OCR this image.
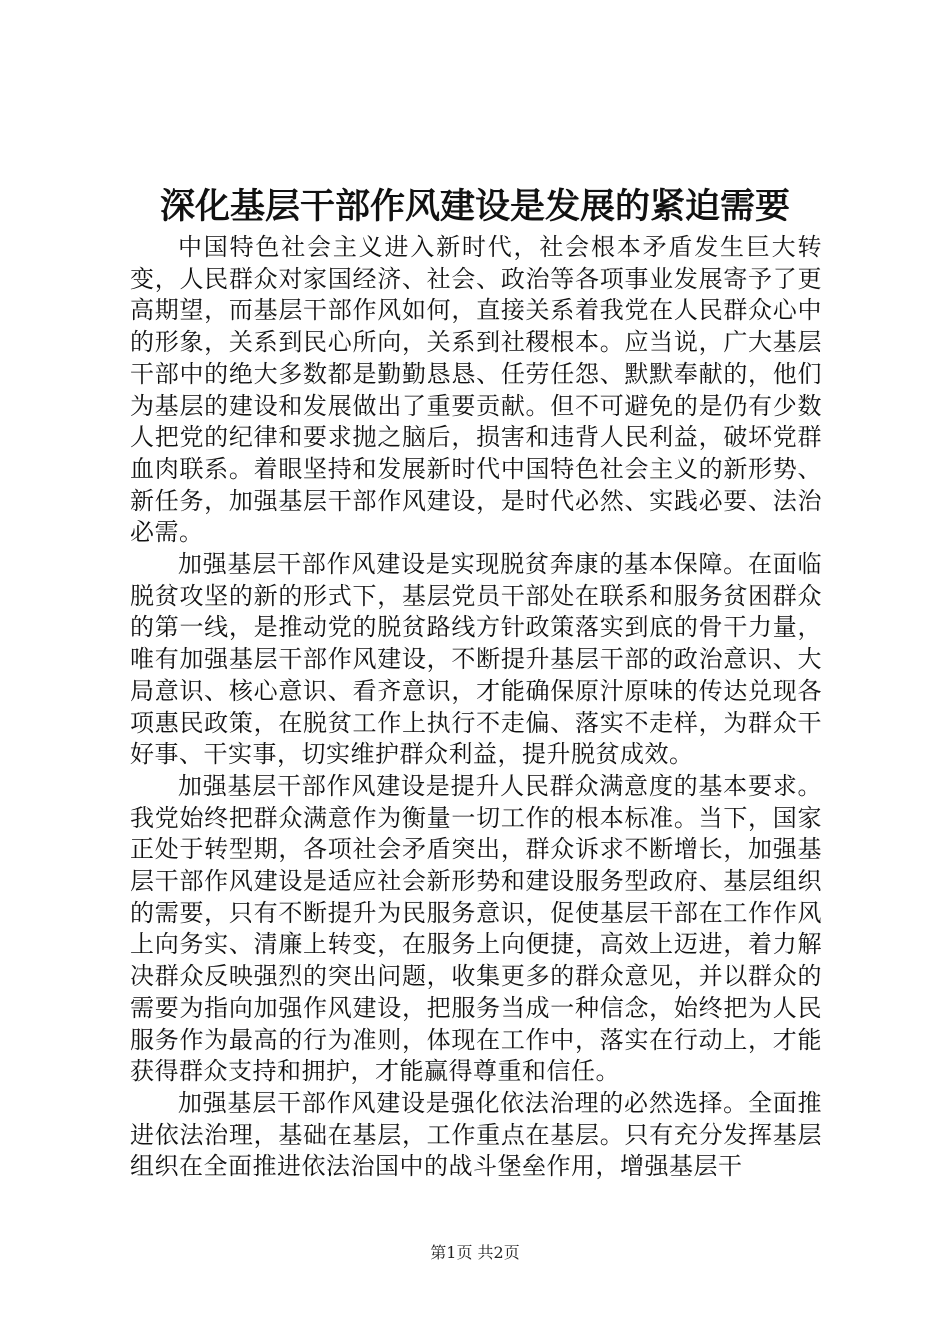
深化基层干部作风建设是发展的紧迫需要

中国特色社会主义进入新时代，社会根本矛盾发生巨大转变，人民群众对家国经济、社会、政治等各项事业发展寄予了更高期望，而基层干部作风如何，直接关系着我党在人民群众心中的形象，关系到民心所向，关系到社稷根本。应当说，广大基层干部中的绝大多数都是勤勤恳恳、任劳任怨、默默奉献的，他们为基层的建设和发展做出了重要贡献。但不可避免的是仍有少数人把党的纪律和要求抛之脑后，损害和违背人民利益，破坏党群血肉联系。着眼坚持和发展新时代中国特色社会主义的新形势、新任务，加强基层干部作风建设，是时代必然、实践必要、法治必需。

加强基层干部作风建设是实现脱贫奔康的基本保障。在面临脱贫攻坚的新的形式下，基层党员干部处在联系和服务贫困群众的第一线，是推动党的脱贫路线方针政策落实到底的骨干力量，唯有加强基层干部作风建设，不断提升基层干部的政治意识、大局意识、核心意识、看齐意识，才能确保原汁原味的传达兑现各项惠民政策，在脱贫工作上执行不走偏、落实不走样，为群众干好事、干实事，切实维护群众利益，提升脱贫成效。

加强基层干部作风建设是提升人民群众满意度的基本要求。我党始终把群众满意作为衡量一切工作的根本标准。当下，国家正处于转型期，各项社会矛盾突出，群众诉求不断增长，加强基层干部作风建设是适应社会新形势和建设服务型政府、基层组织的需要，只有不断提升为民服务意识，促使基层干部在工作作风上向务实、清廉上转变，在服务上向便捷，高效上迈进，着力解决群众反映强烈的突出问题，收集更多的群众意见，并以群众的需要为指向加强作风建设，把服务当成一种信念，始终把为人民服务作为最高的行为准则，体现在工作中，落实在行动上，才能获得群众支持和拥护，才能赢得尊重和信任。

加强基层干部作风建设是强化依法治理的必然选择。全面推进依法治理，基础在基层，工作重点在基层。只有充分发挥基层组织在全面推进依法治国中的战斗堡垒作用，增强基层干

第1页 共2页
